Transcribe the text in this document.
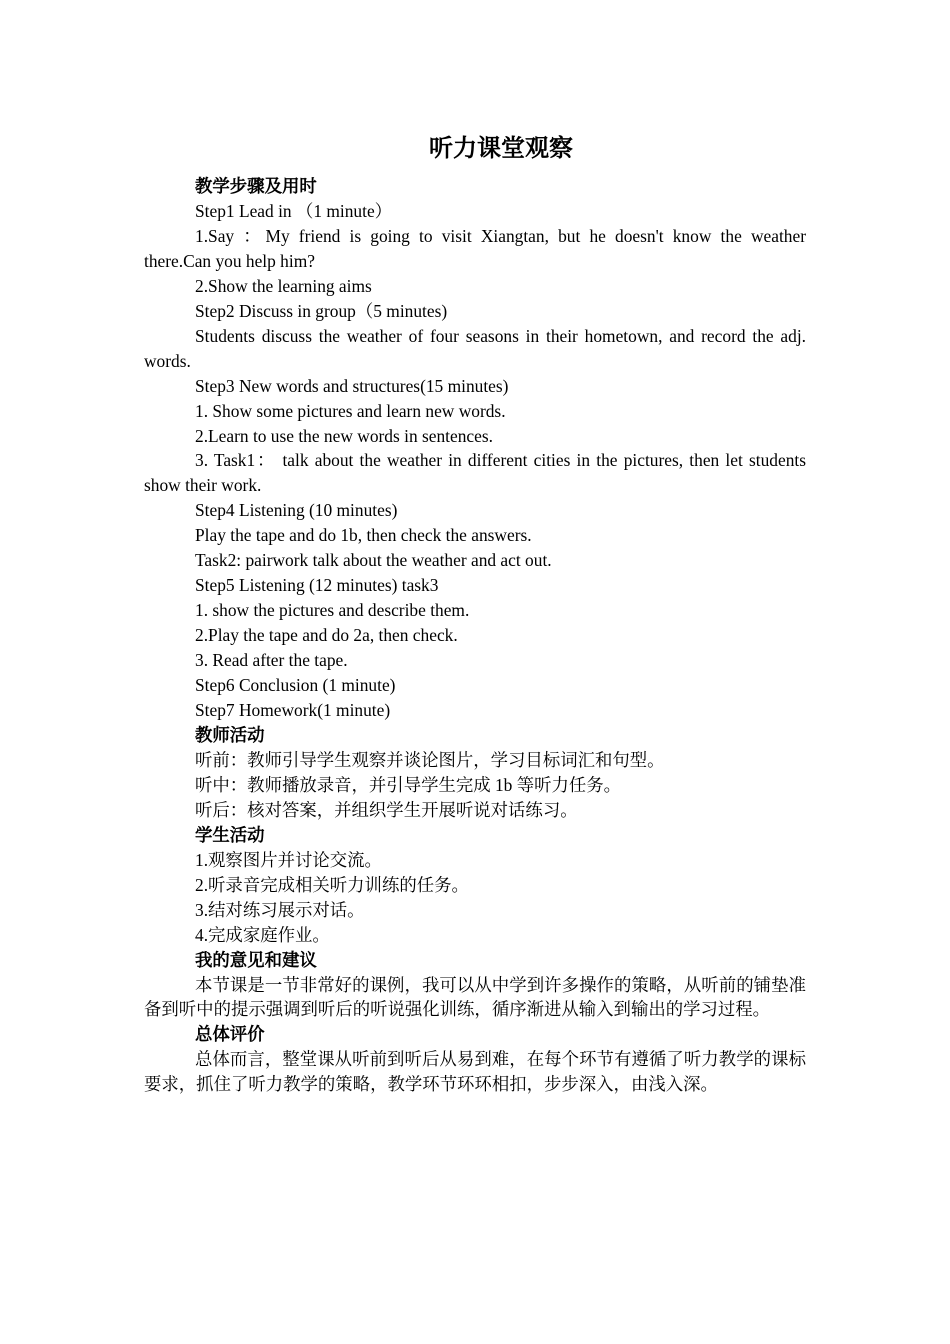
听力课堂观察

教学步骤及用时

Step1 Lead in （1 minute）

1.Say ：My friend is going to visit Xiangtan, but he doesn't know the weather there.Can you help him?

2.Show the learning aims

Step2 Discuss in group（5 minutes)

Students discuss the weather of four seasons in their hometown, and record the adj. words.

Step3 New words and structures(15 minutes)

1. Show some pictures and learn new words.

2.Learn to use the new words in sentences.

3. Task1： talk about the weather in different cities in the pictures, then let students show their work.

Step4 Listening (10 minutes)

Play the tape and do 1b, then check the answers.

Task2: pairwork talk about the weather and act out.

Step5 Listening (12 minutes) task3

1. show the pictures and describe them.

2.Play the tape and do 2a, then check.

3. Read after the tape.

Step6 Conclusion (1 minute)

Step7 Homework(1 minute)

教师活动

听前：教师引导学生观察并谈论图片，学习目标词汇和句型。

听中：教师播放录音，并引导学生完成 1b 等听力任务。

听后：核对答案，并组织学生开展听说对话练习。

学生活动

1.观察图片并讨论交流。

2.听录音完成相关听力训练的任务。

3.结对练习展示对话。

4.完成家庭作业。

我的意见和建议

本节课是一节非常好的课例，我可以从中学到许多操作的策略，从听前的铺垫准备到听中的提示强调到听后的听说强化训练，循序渐进从输入到输出的学习过程。

总体评价

总体而言，整堂课从听前到听后从易到难，在每个环节有遵循了听力教学的课标要求，抓住了听力教学的策略，教学环节环环相扣，步步深入，由浅入深。
